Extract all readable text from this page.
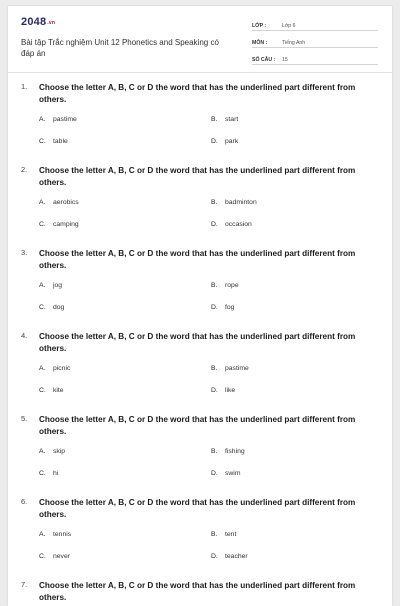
2048.vn
Bài tập Trắc nghiệm Unit 12 Phonetics and Speaking có đáp án
LỚP :	Lớp 6
MÔN :	Tiếng Anh
SỐ CÂU :	15
1. Choose the letter A, B, C or D the word that has the underlined part different from others.
A. pastime	B. start
C. table	D. park
2. Choose the letter A, B, C or D the word that has the underlined part different from others.
A. aerobics	B. badminton
C. camping	D. occasion
3. Choose the letter A, B, C or D the word that has the underlined part different from others.
A. jog	B. rope
C. dog	D. fog
4. Choose the letter A, B, C or D the word that has the underlined part different from others.
A. picnic	B. pastime
C. kite	D. like
5. Choose the letter A, B, C or D the word that has the underlined part different from others.
A. skip	B. fishing
C. hi	D. swim
6. Choose the letter A, B, C or D the word that has the underlined part different from others.
A. tennis	B. tent
C. never	D. teacher
7. Choose the letter A, B, C or D the word that has the underlined part different from others.
